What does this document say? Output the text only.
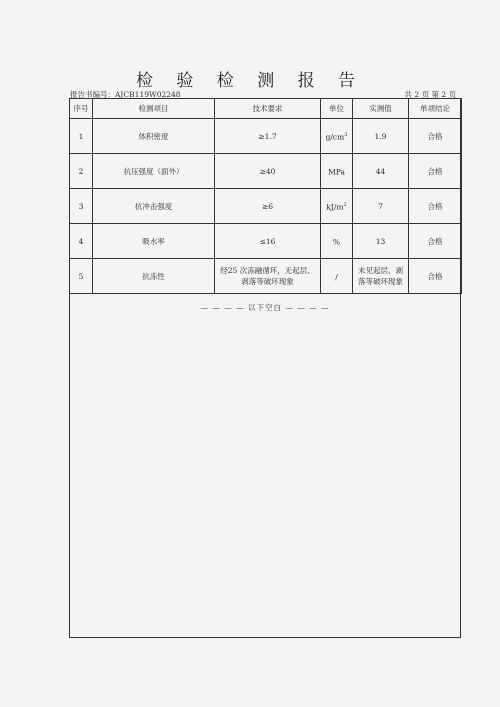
检 验 检 测 报 告
报告书编号：AJCB119W02248	共 2 页 第 2 页
序号	检测项目	技术要求	单位	实测值	单项结论
1	体积密度	≥1.7	$g/cm^3$	1.9	合格
2	抗压强度（面外）	≥40	MPa	44	合格
3	抗冲击强度	≥6	$kJ/m^2$	7	合格
4	吸水率	≤16	%	13	合格
5	抗冻性	经25 次冻融循环，无起层、剥落等破环现象	/	未见起层、剥落等破环现象	合格
— — — — 以下空白 — — — —
